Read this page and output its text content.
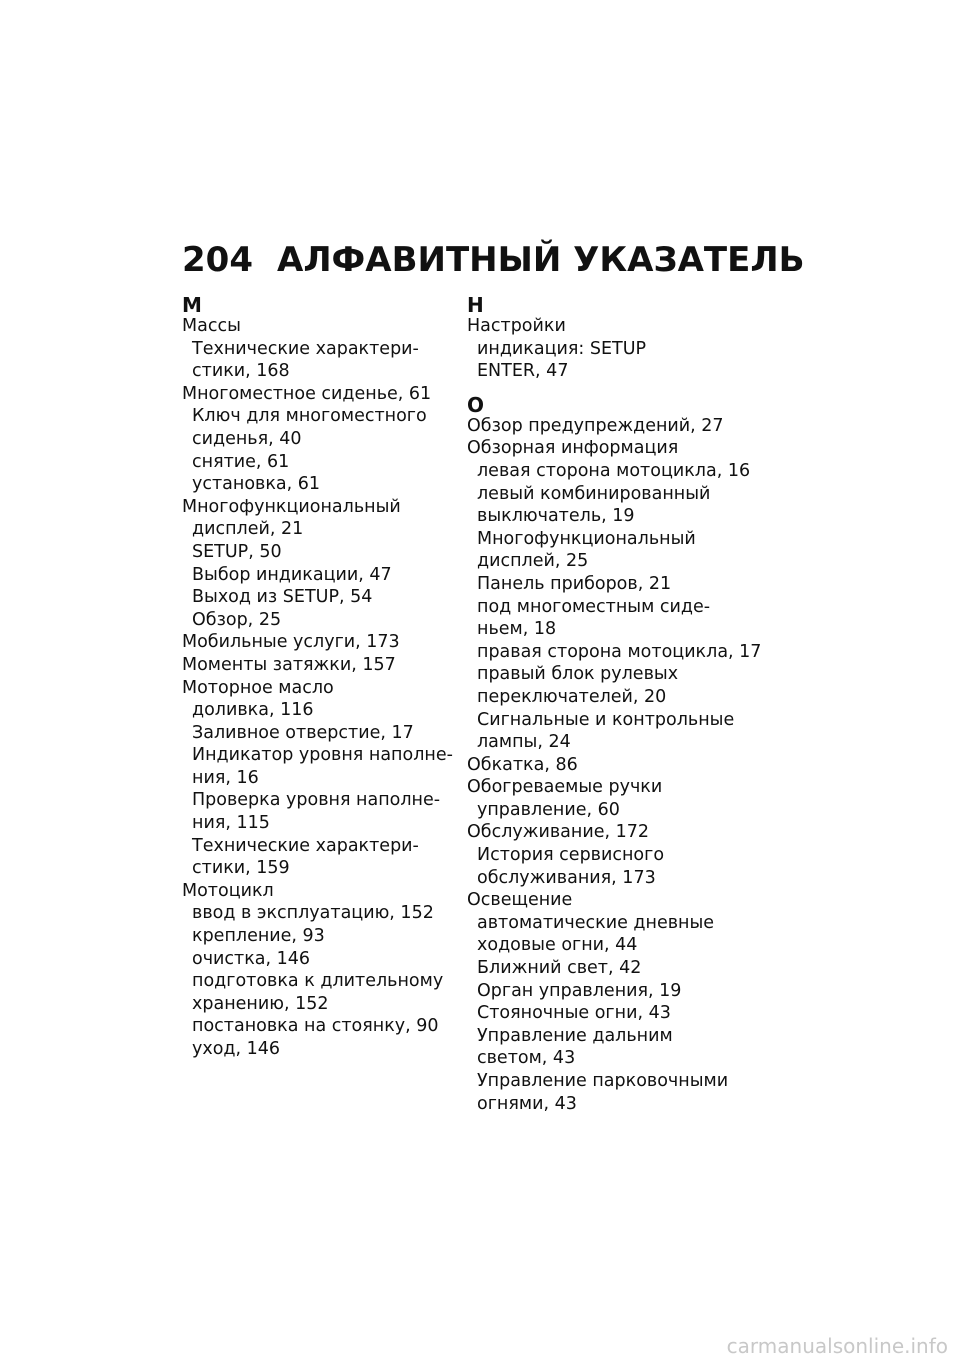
204 АЛФАВИТНЫЙ УКАЗАТЕЛЬ
М
Массы
Технические характери-
стики, 168
Многоместное сиденье, 61
Ключ для многоместного
сиденья, 40
снятие, 61
установка, 61
Многофункциональный
дисплей, 21
SETUP, 50
Выбор индикации, 47
Выход из SETUP, 54
Обзор, 25
Мобильные услуги, 173
Моменты затяжки, 157
Моторное масло
доливка, 116
Заливное отверстие, 17
Индикатор уровня наполне-
ния, 16
Проверка уровня наполне-
ния, 115
Технические характери-
стики, 159
Мотоцикл
ввод в эксплуатацию, 152
крепление, 93
очистка, 146
подготовка к длительному
хранению, 152
постановка на стоянку, 90
уход, 146
Н
Настройки
индикация: SETUP
ENTER, 47
О
Обзор предупреждений, 27
Обзорная информация
левая сторона мотоцикла, 16
левый комбинированный
выключатель, 19
Многофункциональный
дисплей, 25
Панель приборов, 21
под многоместным сиде-
ньем, 18
правая сторона мотоцикла, 17
правый блок рулевых
переключателей, 20
Сигнальные и контрольные
лампы, 24
Обкатка, 86
Обогреваемые ручки
управление, 60
Обслуживание, 172
История сервисного
обслуживания, 173
Освещение
автоматические дневные
ходовые огни, 44
Ближний свет, 42
Орган управления, 19
Стояночные огни, 43
Управление дальним
светом, 43
Управление парковочными
огнями, 43
carmanualsonline.info
